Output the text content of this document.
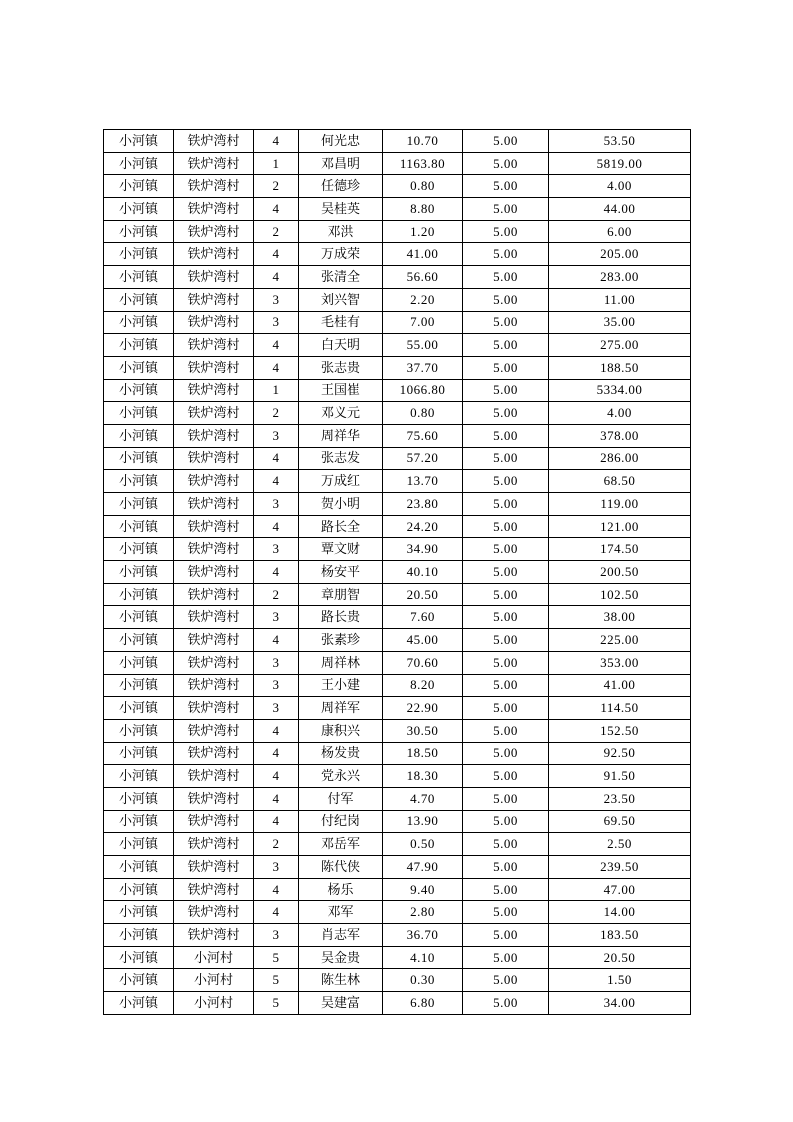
小河镇	铁炉湾村	4	何光忠	10.70	5.00	53.50
小河镇	铁炉湾村	1	邓昌明	1163.80	5.00	5819.00
小河镇	铁炉湾村	2	任德珍	0.80	5.00	4.00
小河镇	铁炉湾村	4	吴桂英	8.80	5.00	44.00
小河镇	铁炉湾村	2	邓洪	1.20	5.00	6.00
小河镇	铁炉湾村	4	万成荣	41.00	5.00	205.00
小河镇	铁炉湾村	4	张清全	56.60	5.00	283.00
小河镇	铁炉湾村	3	刘兴智	2.20	5.00	11.00
小河镇	铁炉湾村	3	毛桂有	7.00	5.00	35.00
小河镇	铁炉湾村	4	白天明	55.00	5.00	275.00
小河镇	铁炉湾村	4	张志贵	37.70	5.00	188.50
小河镇	铁炉湾村	1	王国崔	1066.80	5.00	5334.00
小河镇	铁炉湾村	2	邓义元	0.80	5.00	4.00
小河镇	铁炉湾村	3	周祥华	75.60	5.00	378.00
小河镇	铁炉湾村	4	张志发	57.20	5.00	286.00
小河镇	铁炉湾村	4	万成红	13.70	5.00	68.50
小河镇	铁炉湾村	3	贺小明	23.80	5.00	119.00
小河镇	铁炉湾村	4	路长全	24.20	5.00	121.00
小河镇	铁炉湾村	3	覃文财	34.90	5.00	174.50
小河镇	铁炉湾村	4	杨安平	40.10	5.00	200.50
小河镇	铁炉湾村	2	章朋智	20.50	5.00	102.50
小河镇	铁炉湾村	3	路长贵	7.60	5.00	38.00
小河镇	铁炉湾村	4	张素珍	45.00	5.00	225.00
小河镇	铁炉湾村	3	周祥林	70.60	5.00	353.00
小河镇	铁炉湾村	3	王小建	8.20	5.00	41.00
小河镇	铁炉湾村	3	周祥军	22.90	5.00	114.50
小河镇	铁炉湾村	4	康积兴	30.50	5.00	152.50
小河镇	铁炉湾村	4	杨发贵	18.50	5.00	92.50
小河镇	铁炉湾村	4	党永兴	18.30	5.00	91.50
小河镇	铁炉湾村	4	付军	4.70	5.00	23.50
小河镇	铁炉湾村	4	付纪岗	13.90	5.00	69.50
小河镇	铁炉湾村	2	邓岳军	0.50	5.00	2.50
小河镇	铁炉湾村	3	陈代侠	47.90	5.00	239.50
小河镇	铁炉湾村	4	杨乐	9.40	5.00	47.00
小河镇	铁炉湾村	4	邓军	2.80	5.00	14.00
小河镇	铁炉湾村	3	肖志军	36.70	5.00	183.50
小河镇	小河村	5	吴金贵	4.10	5.00	20.50
小河镇	小河村	5	陈生林	0.30	5.00	1.50
小河镇	小河村	5	吴建富	6.80	5.00	34.00
